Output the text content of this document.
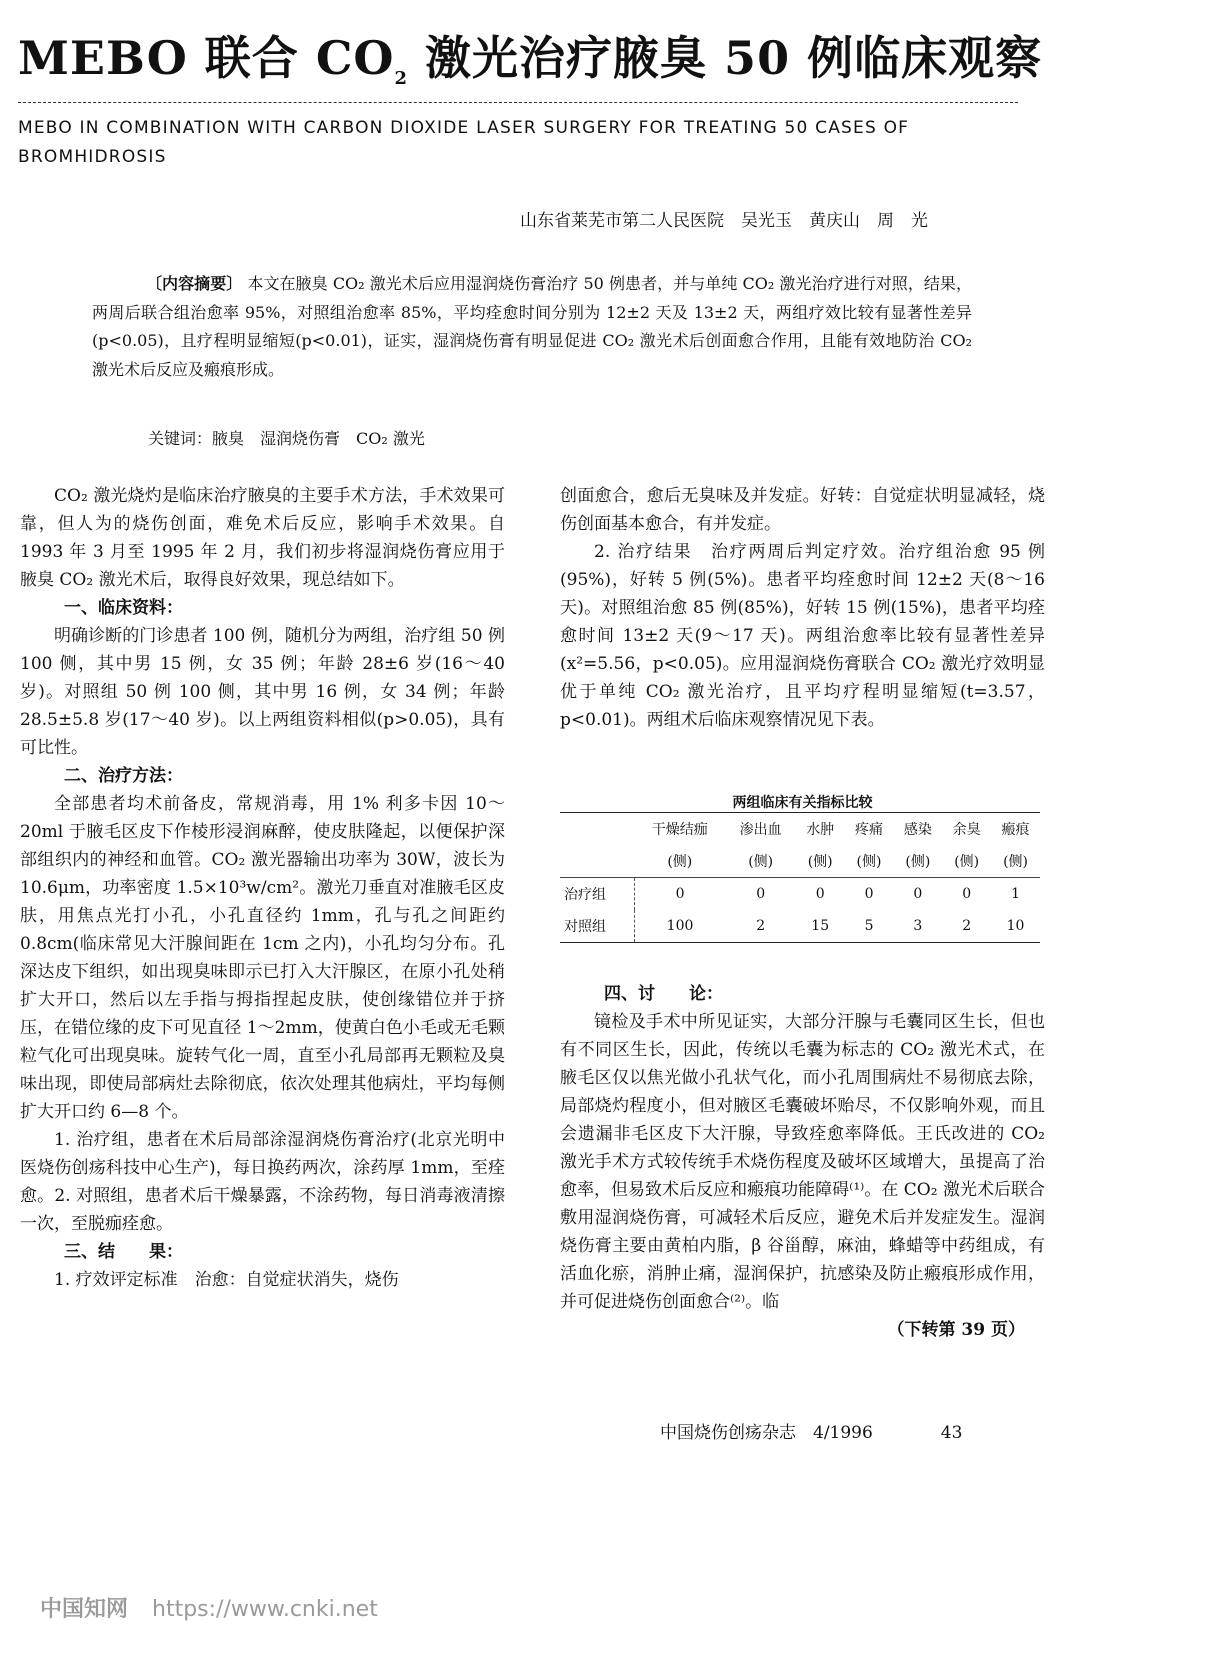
MEBO 联合 $CO_2$ 激光治疗腋臭 50 例临床观察
MEBO IN COMBINATION WITH CARBON DIOXIDE LASER SURGERY FOR TREATING 50 CASES OF BROMHIDROSIS
山东省莱芜市第二人民医院　吴光玉　黄庆山　周　光
〔内容摘要〕 本文在腋臭 CO₂ 激光术后应用湿润烧伤膏治疗 50 例患者，并与单纯 CO₂ 激光治疗进行对照，结果，两周后联合组治愈率 95%，对照组治愈率 85%，平均痊愈时间分别为 12±2 天及 13±2 天，两组疗效比较有显著性差异(p<0.05)，且疗程明显缩短(p<0.01)，证实，湿润烧伤膏有明显促进 CO₂ 激光术后创面愈合作用，且能有效地防治 CO₂ 激光术后反应及瘢痕形成。
关键词：腋臭　湿润烧伤膏　CO₂ 激光

CO₂ 激光烧灼是临床治疗腋臭的主要手术方法，手术效果可靠，但人为的烧伤创面，难免术后反应，影响手术效果。自 1993 年 3 月至 1995 年 2 月，我们初步将湿润烧伤膏应用于腋臭 CO₂ 激光术后，取得良好效果，现总结如下。

一、临床资料：

明确诊断的门诊患者 100 例，随机分为两组，治疗组 50 例 100 侧，其中男 15 例，女 35 例；年龄 28±6 岁(16～40 岁)。对照组 50 例 100 侧，其中男 16 例，女 34 例；年龄 28.5±5.8 岁(17～40 岁)。以上两组资料相似(p>0.05)，具有可比性。

二、治疗方法：

全部患者均术前备皮，常规消毒，用 1% 利多卡因 10～20ml 于腋毛区皮下作棱形浸润麻醉，使皮肤隆起，以便保护深部组织内的神经和血管。CO₂ 激光器输出功率为 30W，波长为 10.6μm，功率密度 1.5×10³w/cm²。激光刀垂直对准腋毛区皮肤，用焦点光打小孔，小孔直径约 1mm，孔与孔之间距约 0.8cm(临床常见大汗腺间距在 1cm 之内)，小孔均匀分布。孔深达皮下组织，如出现臭味即示已打入大汗腺区，在原小孔处稍扩大开口，然后以左手指与拇指捏起皮肤，使创缘错位并于挤压，在错位缘的皮下可见直径 1～2mm，使黄白色小毛或无毛颗粒气化可出现臭味。旋转气化一周，直至小孔局部再无颗粒及臭味出现，即使局部病灶去除彻底，依次处理其他病灶，平均每侧扩大开口约 6—8 个。

1. 治疗组，患者在术后局部涂湿润烧伤膏治疗(北京光明中医烧伤创疡科技中心生产)，每日换药两次，涂药厚 1mm，至痊愈。2. 对照组，患者术后干燥暴露，不涂药物，每日消毒液清擦一次，至脱痂痊愈。

三、结　　果：

1. 疗效评定标准　治愈：自觉症状消失，烧伤

创面愈合，愈后无臭味及并发症。好转：自觉症状明显减轻，烧伤创面基本愈合，有并发症。

2. 治疗结果　治疗两周后判定疗效。治疗组治愈 95 例(95%)，好转 5 例(5%)。患者平均痊愈时间 12±2 天(8～16 天)。对照组治愈 85 例(85%)，好转 15 例(15%)，患者平均痊愈时间 13±2 天(9～17 天)。两组治愈率比较有显著性差异(x²=5.56，p<0.05)。应用湿润烧伤膏联合 CO₂ 激光疗效明显优于单纯 CO₂ 激光治疗，且平均疗程明显缩短(t=3.57，p<0.01)。两组术后临床观察情况见下表。

两组临床有关指标比较
	干燥结痂	渗出血	水肿	疼痛	感染	余臭	瘢痕
	(侧)	(侧)	(侧)	(侧)	(侧)	(侧)	(侧)
治疗组	0	0	0	0	0	0	1
对照组	100	2	15	5	3	2	10

四、讨　　论：

镜检及手术中所见证实，大部分汗腺与毛囊同区生长，但也有不同区生长，因此，传统以毛囊为标志的 CO₂ 激光术式，在腋毛区仅以焦光做小孔状气化，而小孔周围病灶不易彻底去除，局部烧灼程度小，但对腋区毛囊破坏贻尽，不仅影响外观，而且会遗漏非毛区皮下大汗腺，导致痊愈率降低。王氏改进的 CO₂ 激光手术方式较传统手术烧伤程度及破坏区域增大，虽提高了治愈率，但易致术后反应和瘢痕功能障碍⁽¹⁾。在 CO₂ 激光术后联合敷用湿润烧伤膏，可减轻术后反应，避免术后并发症发生。湿润烧伤膏主要由黄柏内脂，β 谷甾醇，麻油，蜂蜡等中药组成，有活血化瘀，消肿止痛，湿润保护，抗感染及防止瘢痕形成作用，并可促进烧伤创面愈合⁽²⁾。临

（下转第 39 页）

中国烧伤创疡杂志　4/1996　　　　43
中国知网 https://www.cnki.net
